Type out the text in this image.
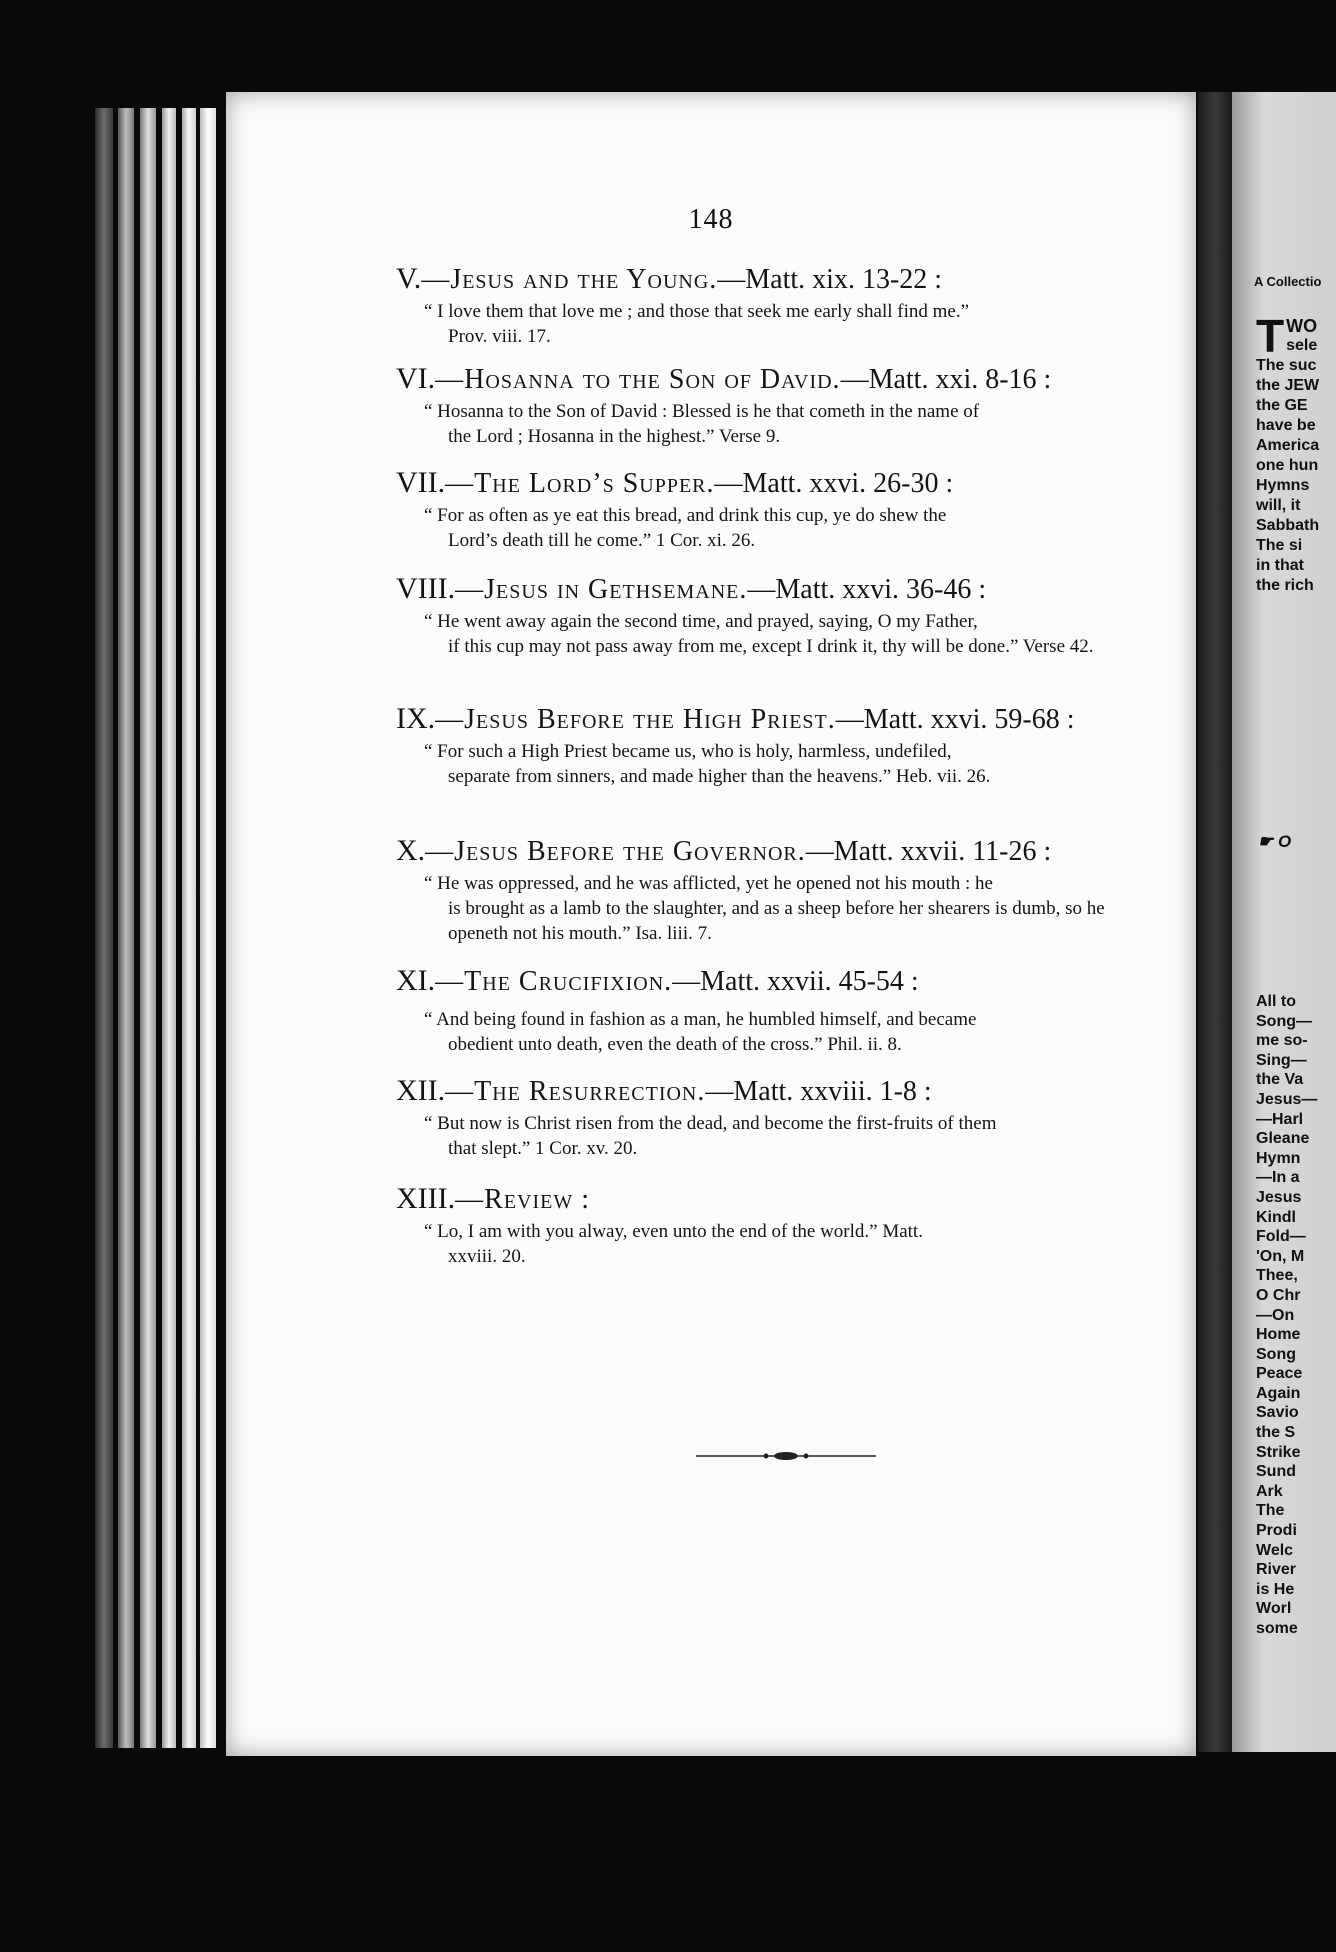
148
V.—Jesus and the Young.—Matt. xix. 13-22 :
“ I love them that love me ; and those that seek me early shall find me.”
Prov. viii. 17.
VI.—Hosanna to the Son of David.—Matt. xxi. 8-16 :
“ Hosanna to the Son of David : Blessed is he that cometh in the name of
the Lord ; Hosanna in the highest.” Verse 9.
VII.—The Lord’s Supper.—Matt. xxvi. 26-30 :
“ For as often as ye eat this bread, and drink this cup, ye do shew the
Lord’s death till he come.” 1 Cor. xi. 26.
VIII.—Jesus in Gethsemane.—Matt. xxvi. 36-46 :
“ He went away again the second time, and prayed, saying, O my Father,
if this cup may not pass away from me, except I drink it, thy will be done.” Verse 42.
IX.—Jesus Before the High Priest.—Matt. xxvi. 59-68 :
“ For such a High Priest became us, who is holy, harmless, undefiled,
separate from sinners, and made higher than the heavens.” Heb. vii. 26.
X.—Jesus Before the Governor.—Matt. xxvii. 11-26 :
“ He was oppressed, and he was afflicted, yet he opened not his mouth : he
is brought as a lamb to the slaughter, and as a sheep before her shearers is dumb, so he openeth not his mouth.” Isa. liii. 7.
XI.—The Crucifixion.—Matt. xxvii. 45-54 :
“ And being found in fashion as a man, he humbled himself, and became
obedient unto death, even the death of the cross.” Phil. ii. 8.
XII.—The Resurrection.—Matt. xxviii. 1-8 :
“ But now is Christ risen from the dead, and become the first-fruits of them
that slept.” 1 Cor. xv. 20.
XIII.—Review :
“ Lo, I am with you alway, even unto the end of the world.” Matt.
xxviii. 20.
A Collectio
T WO
sele
The suc
the JEW
the GE
have be
America
one hun
Hymns
will, it
Sabbath
The si
in that
the rich
☛ O
All to
Song—
me so-
Sing—
the Va
Jesus—
—Harl
Gleane
Hymn
—In a
Jesus
Kindl
Fold—
'On, M
Thee,
O Chr
—On
Home
Song
Peace
Again
Savio
the S
Strike
Sund
Ark
The
Prodi
Welc
River
is He
Worl
some
